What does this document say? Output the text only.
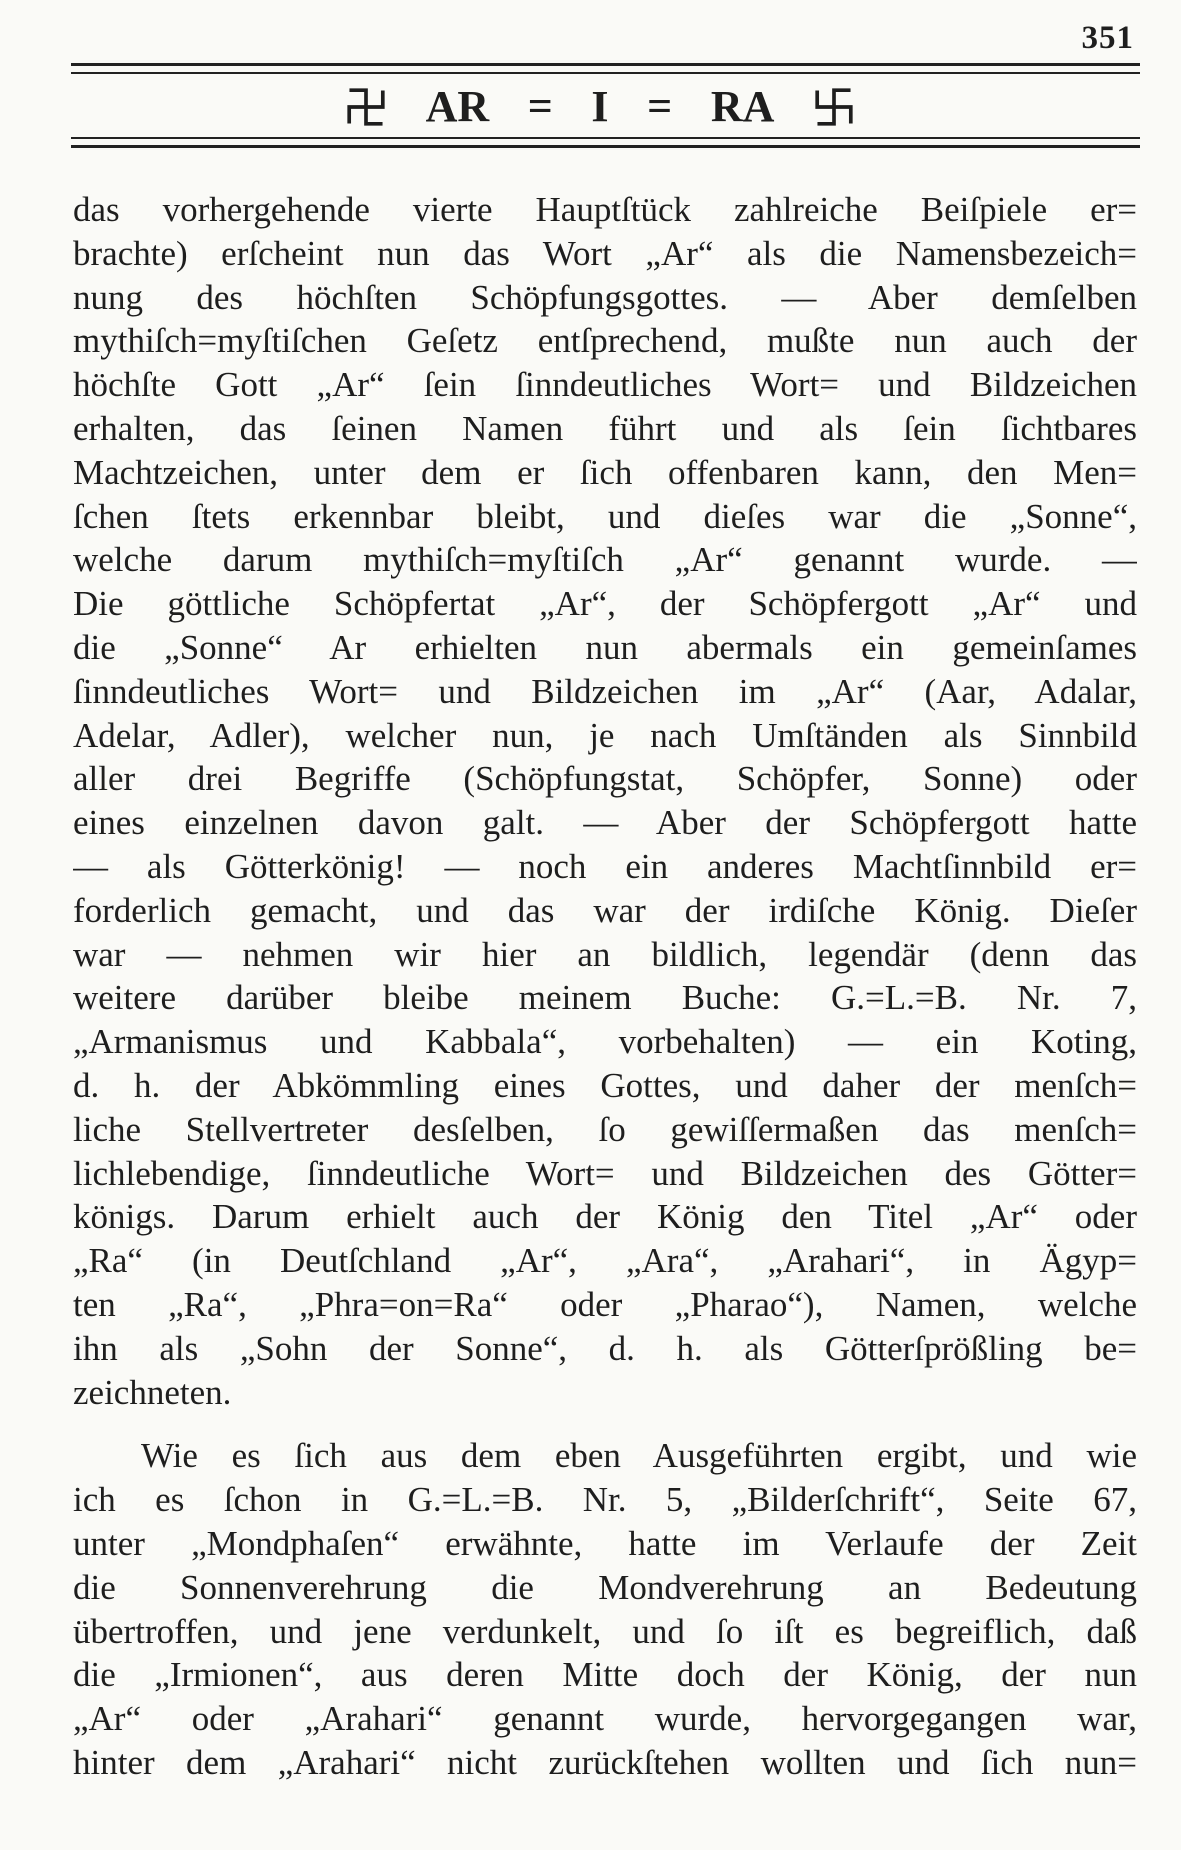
351
AR = I = RA
das vorhergehende vierte Hauptſtück zahlreiche Beiſpiele er=
brachte) erſcheint nun das Wort „Ar“ als die Namensbezeich=
nung des höchſten Schöpfungsgottes. — Aber demſelben
mythiſch=myſtiſchen Geſetz entſprechend, mußte nun auch der
höchſte Gott „Ar“ ſein ſinndeutliches Wort= und Bildzeichen
erhalten, das ſeinen Namen führt und als ſein ſichtbares
Machtzeichen, unter dem er ſich offenbaren kann, den Men=
ſchen ſtets erkennbar bleibt, und dieſes war die „Sonne“,
welche darum mythiſch=myſtiſch „Ar“ genannt wurde. —
Die göttliche Schöpfertat „Ar“, der Schöpfergott „Ar“ und
die „Sonne“ Ar erhielten nun abermals ein gemeinſames
ſinndeutliches Wort= und Bildzeichen im „Ar“ (Aar, Adalar,
Adelar, Adler), welcher nun, je nach Umſtänden als Sinnbild
aller drei Begriffe (Schöpfungstat, Schöpfer, Sonne) oder
eines einzelnen davon galt. — Aber der Schöpfergott hatte
— als Götterkönig! — noch ein anderes Machtſinnbild er=
forderlich gemacht, und das war der irdiſche König. Dieſer
war — nehmen wir hier an bildlich, legendär (denn das
weitere darüber bleibe meinem Buche: G.=L.=B. Nr. 7,
„Armanismus und Kabbala“, vorbehalten) — ein Koting,
d. h. der Abkömmling eines Gottes, und daher der menſch=
liche Stellvertreter desſelben, ſo gewiſſermaßen das menſch=
lichlebendige, ſinndeutliche Wort= und Bildzeichen des Götter=
königs. Darum erhielt auch der König den Titel „Ar“ oder
„Ra“ (in Deutſchland „Ar“, „Ara“, „Arahari“, in Ägyp=
ten „Ra“, „Phra=on=Ra“ oder „Pharao“), Namen, welche
ihn als „Sohn der Sonne“, d. h. als Götterſprößling be=
zeichneten.
Wie es ſich aus dem eben Ausgeführten ergibt, und wie
ich es ſchon in G.=L.=B. Nr. 5, „Bilderſchrift“, Seite 67,
unter „Mondphaſen“ erwähnte, hatte im Verlaufe der Zeit
die Sonnenverehrung die Mondverehrung an Bedeutung
übertroffen, und jene verdunkelt, und ſo iſt es begreiflich, daß
die „Irmionen“, aus deren Mitte doch der König, der nun
„Ar“ oder „Arahari“ genannt wurde, hervorgegangen war,
hinter dem „Arahari“ nicht zurückſtehen wollten und ſich nun=
